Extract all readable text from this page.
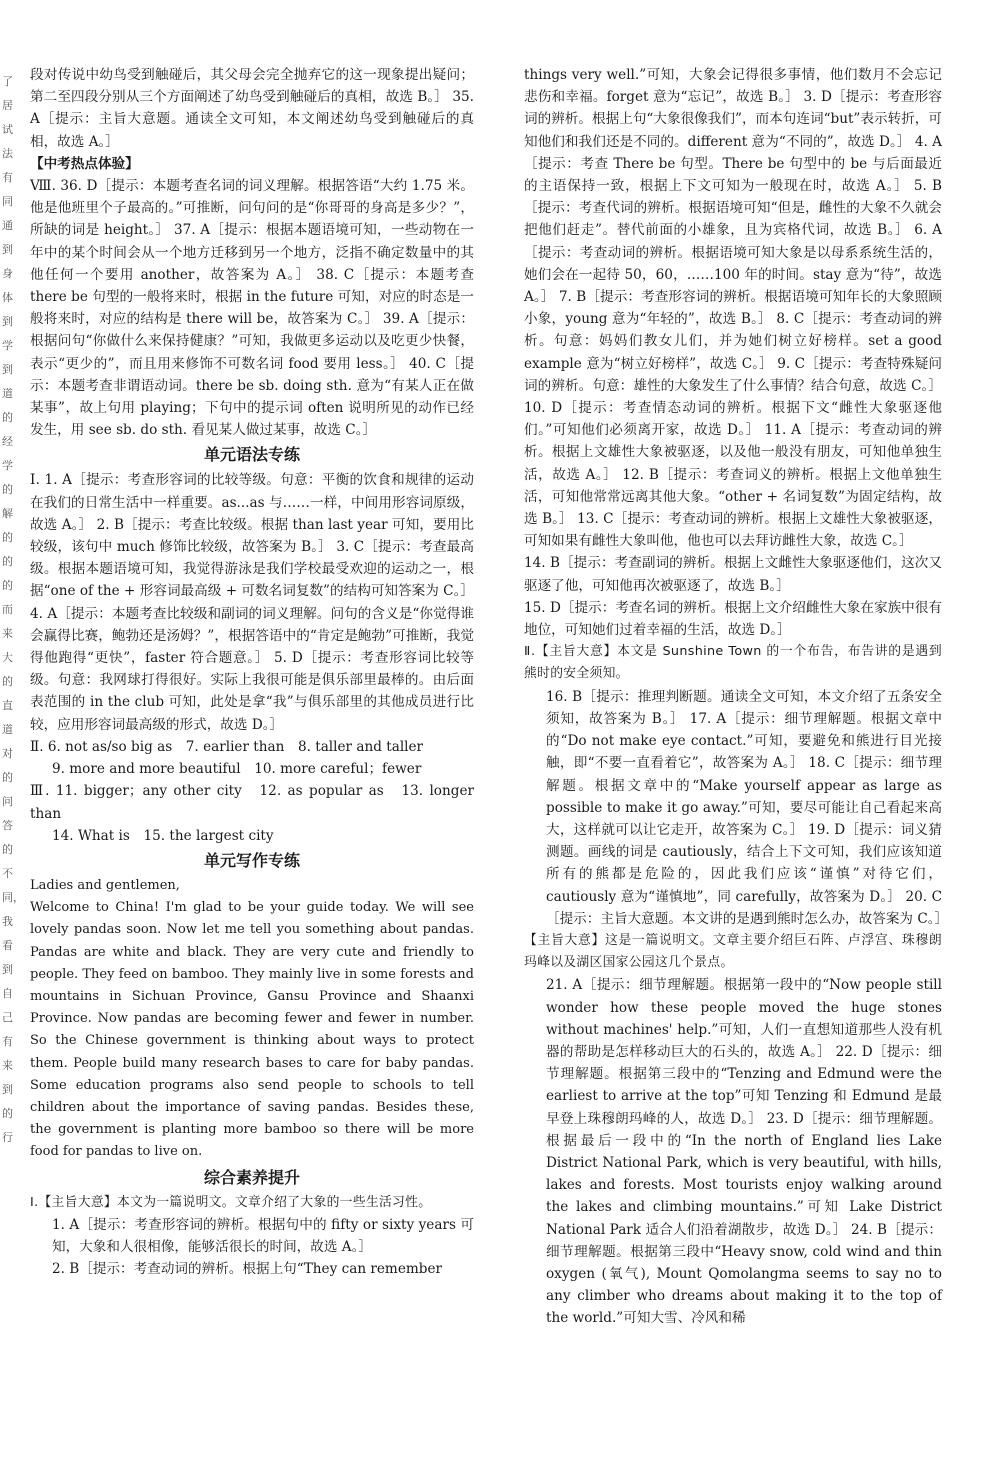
了居试法有同通到身体到学到道的经学的解的的的而来大的直道对的问答的不同，我看到自己有来到的行

段对传说中幼鸟受到触碰后，其父母会完全抛弃它的这一现象提出疑问；第二至四段分别从三个方面阐述了幼鸟受到触碰后的真相，故选 B。］ 35. A［提示：主旨大意题。通读全文可知，本文阐述幼鸟受到触碰后的真相，故选 A。］

【中考热点体验】

Ⅷ. 36. D［提示：本题考查名词的词义理解。根据答语“大约 1.75 米。他是他班里个子最高的。”可推断，问句问的是“你哥哥的身高是多少？”，所缺的词是 height。］ 37. A［提示：根据本题语境可知，一些动物在一年中的某个时间会从一个地方迁移到另一个地方，泛指不确定数量中的其他任何一个要用 another，故答案为 A。］ 38. C［提示：本题考查 there be 句型的一般将来时，根据 in the future 可知，对应的时态是一般将来时，对应的结构是 there will be，故答案为 C。］ 39. A［提示：根据问句“你做什么来保持健康？”可知，我做更多运动以及吃更少快餐，表示“更少的”，而且用来修饰不可数名词 food 要用 less。］ 40. C［提示：本题考查非谓语动词。there be sb. doing sth. 意为“有某人正在做某事”，故上句用 playing；下句中的提示词 often 说明所见的动作已经发生，用 see sb. do sth. 看见某人做过某事，故选 C。］

单元语法专练

Ⅰ. 1. A［提示：考查形容词的比较等级。句意：平衡的饮食和规律的运动在我们的日常生活中一样重要。as...as 与……一样，中间用形容词原级，故选 A。］ 2. B［提示：考查比较级。根据 than last year 可知，要用比较级，该句中 much 修饰比较级，故答案为 B。］ 3. C［提示：考查最高级。根据本题语境可知，我觉得游泳是我们学校最受欢迎的运动之一，根据“one of the + 形容词最高级 + 可数名词复数”的结构可知答案为 C。］ 4. A［提示：本题考查比较级和副词的词义理解。问句的含义是“你觉得谁会赢得比赛，鲍勃还是汤姆？”，根据答语中的“肯定是鲍勃”可推断，我觉得他跑得“更快”，faster 符合题意。］ 5. D［提示：考查形容词比较等级。句意：我网球打得很好。实际上我很可能是俱乐部里最棒的。由后面表范围的 in the club 可知，此处是拿“我”与俱乐部里的其他成员进行比较，应用形容词最高级的形式，故选 D。］

Ⅱ. 6. not as/so big as　7. earlier than　8. taller and taller

9. more and more beautiful　10. more careful；fewer

Ⅲ. 11. bigger；any other city　12. as popular as　13. longer than

14. What is　15. the largest city

单元写作专练

Ladies and gentlemen,

Welcome to China! I'm glad to be your guide today. We will see lovely pandas soon. Now let me tell you something about pandas. Pandas are white and black. They are very cute and friendly to people. They feed on bamboo. They mainly live in some forests and mountains in Sichuan Province, Gansu Province and Shaanxi Province. Now pandas are becoming fewer and fewer in number. So the Chinese government is thinking about ways to protect them. People build many research bases to care for baby pandas. Some education programs also send people to schools to tell children about the importance of saving pandas. Besides these, the government is planting more bamboo so there will be more food for pandas to live on.

综合素养提升

Ⅰ.【主旨大意】本文为一篇说明文。文章介绍了大象的一些生活习性。

1. A［提示：考查形容词的辨析。根据句中的 fifty or sixty years 可知，大象和人很相像，能够活很长的时间，故选 A。］

2. B［提示：考查动词的辨析。根据上句“They can remember

things very well.”可知，大象会记得很多事情，他们数月不会忘记悲伤和幸福。forget 意为“忘记”，故选 B。］ 3. D［提示：考查形容词的辨析。根据上句“大象很像我们”，而本句连词“but”表示转折，可知他们和我们还是不同的。different 意为“不同的”，故选 D。］ 4. A［提示：考查 There be 句型。There be 句型中的 be 与后面最近的主语保持一致，根据上下文可知为一般现在时，故选 A。］ 5. B［提示：考查代词的辨析。根据语境可知“但是，雌性的大象不久就会把他们赶走”。替代前面的小雄象，且为宾格代词，故选 B。］ 6. A［提示：考查动词的辨析。根据语境可知大象是以母系系统生活的，她们会在一起待 50，60，……100 年的时间。stay 意为“待”，故选 A。］ 7. B［提示：考查形容词的辨析。根据语境可知年长的大象照顾小象，young 意为“年轻的”，故选 B。］ 8. C［提示：考查动词的辨析。句意：妈妈们教女儿们，并为她们树立好榜样。set a good example 意为“树立好榜样”，故选 C。］ 9. C［提示：考查特殊疑问词的辨析。句意：雄性的大象发生了什么事情？结合句意，故选 C。］ 10. D［提示：考查情态动词的辨析。根据下文“雌性大象驱逐他们。”可知他们必须离开家，故选 D。］ 11. A［提示：考查动词的辨析。根据上文雄性大象被驱逐，以及他一般没有朋友，可知他单独生活，故选 A。］ 12. B［提示：考查词义的辨析。根据上文他单独生活，可知他常常远离其他大象。“other + 名词复数”为固定结构，故选 B。］ 13. C［提示：考查动词的辨析。根据上文雄性大象被驱逐，可知如果有雌性大象叫他，他也可以去拜访雌性大象，故选 C。］

14. B［提示：考查副词的辨析。根据上文雌性大象驱逐他们，这次又驱逐了他，可知他再次被驱逐了，故选 B。］

15. D［提示：考查名词的辨析。根据上文介绍雌性大象在家族中很有地位，可知她们过着幸福的生活，故选 D。］

Ⅱ.【主旨大意】本文是 Sunshine Town 的一个布告，布告讲的是遇到熊时的安全须知。

16. B［提示：推理判断题。通读全文可知，本文介绍了五条安全须知，故答案为 B。］ 17. A［提示：细节理解题。根据文章中的“Do not make eye contact.”可知，要避免和熊进行目光接触，即“不要一直看着它”，故答案为 A。］ 18. C［提示：细节理解题。根据文章中的“Make yourself appear as large as possible to make it go away.”可知，要尽可能让自己看起来高大，这样就可以让它走开，故答案为 C。］ 19. D［提示：词义猜测题。画线的词是 cautiously，结合上下文可知，我们应该知道所有的熊都是危险的，因此我们应该“谨慎”对待它们，cautiously 意为“谨慎地”，同 carefully，故答案为 D。］ 20. C［提示：主旨大意题。本文讲的是遇到熊时怎么办，故答案为 C。］

【主旨大意】这是一篇说明文。文章主要介绍巨石阵、卢浮宫、珠穆朗玛峰以及湖区国家公园这几个景点。

21. A［提示：细节理解题。根据第一段中的“Now people still wonder how these people moved the huge stones without machines' help.”可知，人们一直想知道那些人没有机器的帮助是怎样移动巨大的石头的，故选 A。］ 22. D［提示：细节理解题。根据第三段中的“Tenzing and Edmund were the earliest to arrive at the top”可知 Tenzing 和 Edmund 是最早登上珠穆朗玛峰的人，故选 D。］ 23. D［提示：细节理解题。根据最后一段中的“In the north of England lies Lake District National Park, which is very beautiful, with hills, lakes and forests. Most tourists enjoy walking around the lakes and climbing mountains.”可知 Lake District National Park 适合人们沿着湖散步，故选 D。］ 24. B［提示：细节理解题。根据第三段中“Heavy snow, cold wind and thin oxygen (氧气), Mount Qomolangma seems to say no to any climber who dreams about making it to the top of the world.”可知大雪、冷风和稀
